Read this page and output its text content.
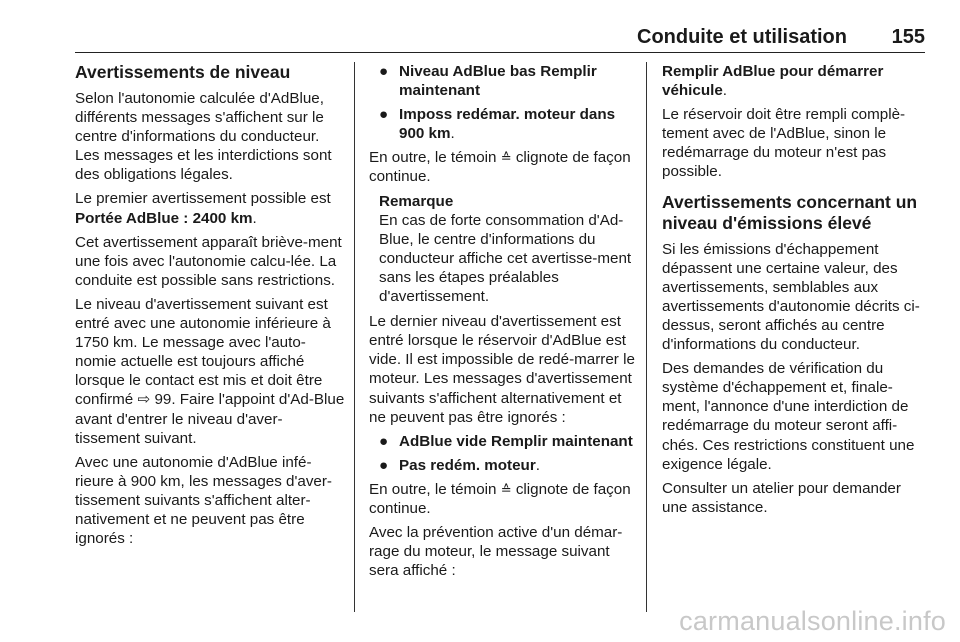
Conduite et utilisation 155
Avertissements de niveau

Selon l'autonomie calculée d'AdBlue, différents messages s'affichent sur le centre d'informations du conducteur. Les messages et les interdictions sont des obligations légales.

Le premier avertissement possible est Portée AdBlue : 2400 km.

Cet avertissement apparaît briève-ment une fois avec l'autonomie calcu-lée. La conduite est possible sans restrictions.

Le niveau d'avertissement suivant est entré avec une autonomie inférieure à 1750 km. Le message avec l'auto-nomie actuelle est toujours affiché lorsque le contact est mis et doit être confirmé ⇨ 99. Faire l'appoint d'Ad-Blue avant d'entrer le niveau d'aver-tissement suivant.

Avec une autonomie d'AdBlue infé-rieure à 900 km, les messages d'aver-tissement suivants s'affichent alter-nativement et ne peuvent pas être ignorés :

● Niveau AdBlue bas Remplir maintenant
● Imposs redémar. moteur dans 900 km.

En outre, le témoin ≙ clignote de façon continue.

Remarque
En cas de forte consommation d'Ad-Blue, le centre d'informations du conducteur affiche cet avertisse-ment sans les étapes préalables d'avertissement.

Le dernier niveau d'avertissement est entré lorsque le réservoir d'AdBlue est vide. Il est impossible de redé-marrer le moteur. Les messages d'avertissement suivants s'affichent alternativement et ne peuvent pas être ignorés :

● AdBlue vide Remplir maintenant
● Pas redém. moteur.

En outre, le témoin ≙ clignote de façon continue.

Avec la prévention active d'un démar-rage du moteur, le message suivant sera affiché :

Remplir AdBlue pour démarrer véhicule.

Le réservoir doit être rempli complè-tement avec de l'AdBlue, sinon le redémarrage du moteur n'est pas possible.

Avertissements concernant un niveau d'émissions élevé

Si les émissions d'échappement dépassent une certaine valeur, des avertissements, semblables aux avertissements d'autonomie décrits ci-dessus, seront affichés au centre d'informations du conducteur.

Des demandes de vérification du système d'échappement et, finale-ment, l'annonce d'une interdiction de redémarrage du moteur seront affi-chés. Ces restrictions constituent une exigence légale.

Consulter un atelier pour demander une assistance.

carmanualsonline.info
